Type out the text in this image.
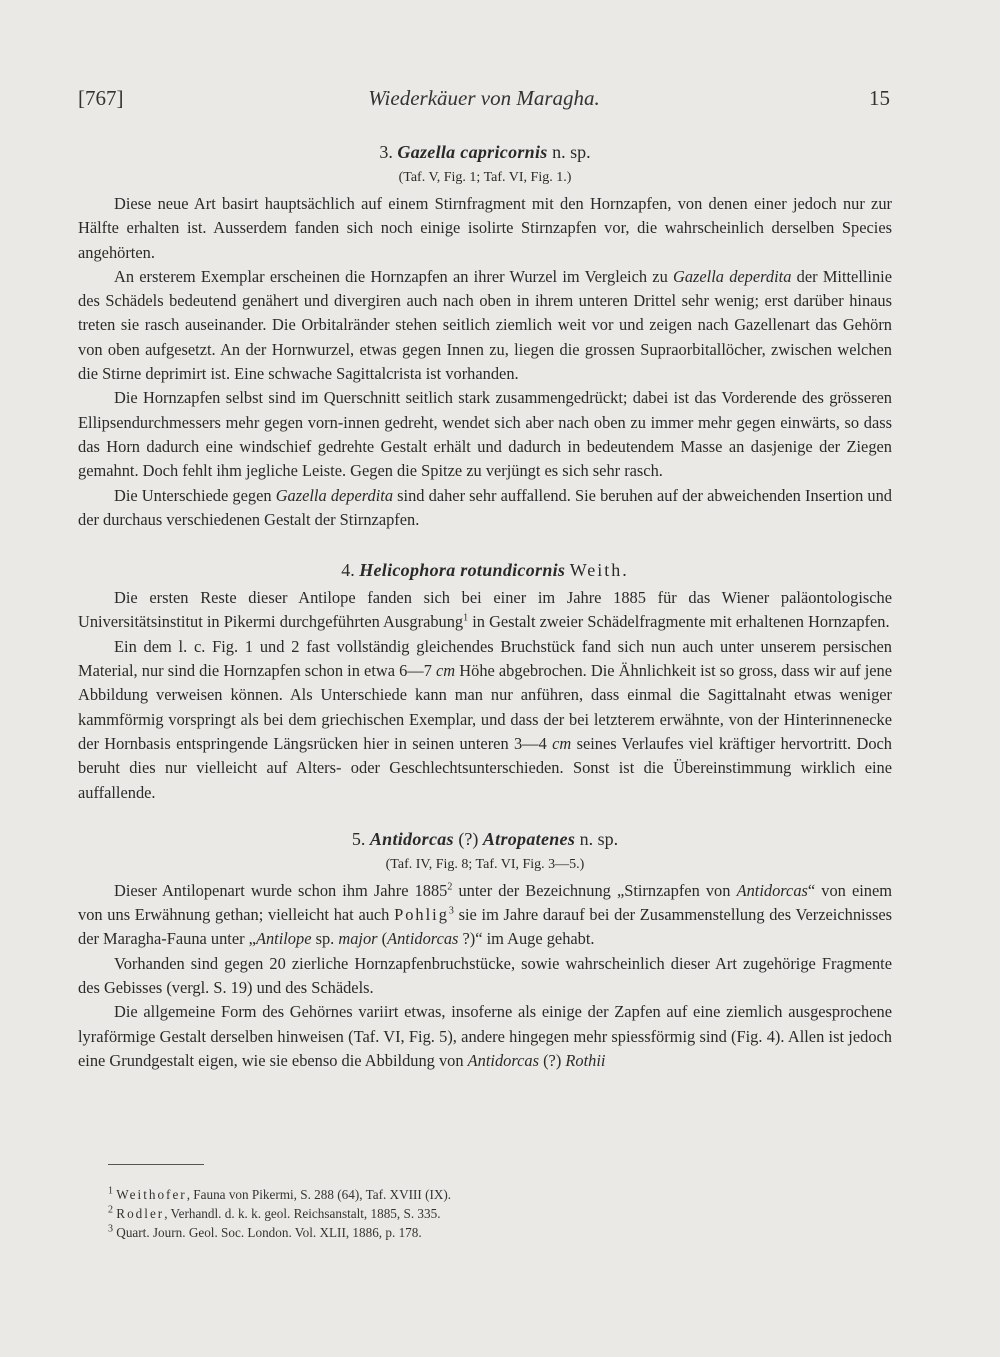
[767]	Wiederkäuer von Maragha.	15
3. Gazella capricornis n. sp.
(Taf. V, Fig. 1; Taf. VI, Fig. 1.)

Diese neue Art basirt hauptsächlich auf einem Stirnfragment mit den Hornzapfen, von denen einer jedoch nur zur Hälfte erhalten ist. Ausserdem fanden sich noch einige isolirte Stirnzapfen vor, die wahrscheinlich derselben Species angehörten.

An ersterem Exemplar erscheinen die Hornzapfen an ihrer Wurzel im Vergleich zu Gazella deperdita der Mittellinie des Schädels bedeutend genähert und divergiren auch nach oben in ihrem unteren Drittel sehr wenig; erst darüber hinaus treten sie rasch auseinander. Die Orbitalränder stehen seitlich ziemlich weit vor und zeigen nach Gazellenart das Gehörn von oben aufgesetzt. An der Hornwurzel, etwas gegen Innen zu, liegen die grossen Supraorbitallöcher, zwischen welchen die Stirne deprimirt ist. Eine schwache Sagittalcrista ist vorhanden.

Die Hornzapfen selbst sind im Querschnitt seitlich stark zusammengedrückt; dabei ist das Vorderende des grösseren Ellipsendurchmessers mehr gegen vorn-innen gedreht, wendet sich aber nach oben zu immer mehr gegen einwärts, so dass das Horn dadurch eine windschief gedrehte Gestalt erhält und dadurch in bedeutendem Masse an dasjenige der Ziegen gemahnt. Doch fehlt ihm jegliche Leiste. Gegen die Spitze zu verjüngt es sich sehr rasch.

Die Unterschiede gegen Gazella deperdita sind daher sehr auffallend. Sie beruhen auf der abweichenden Insertion und der durchaus verschiedenen Gestalt der Stirnzapfen.

4. Helicophora rotundicornis Weith.

Die ersten Reste dieser Antilope fanden sich bei einer im Jahre 1885 für das Wiener paläontologische Universitätsinstitut in Pikermi durchgeführten Ausgrabung$^1$ in Gestalt zweier Schädelfragmente mit erhaltenen Hornzapfen.

Ein dem l. c. Fig. 1 und 2 fast vollständig gleichendes Bruchstück fand sich nun auch unter unserem persischen Material, nur sind die Hornzapfen schon in etwa 6—7 cm Höhe abgebrochen. Die Ähnlichkeit ist so gross, dass wir auf jene Abbildung verweisen können. Als Unterschiede kann man nur anführen, dass einmal die Sagittalnaht etwas weniger kammförmig vorspringt als bei dem griechischen Exemplar, und dass der bei letzterem erwähnte, von der Hinterinnenecke der Hornbasis entspringende Längsrücken hier in seinen unteren 3—4 cm seines Verlaufes viel kräftiger hervortritt. Doch beruht dies nur vielleicht auf Alters- oder Geschlechtsunterschieden. Sonst ist die Übereinstimmung wirklich eine auffallende.

5. Antidorcas (?) Atropatenes n. sp.
(Taf. IV, Fig. 8; Taf. VI, Fig. 3—5.)

Dieser Antilopenart wurde schon ihm Jahre 1885$^2$ unter der Bezeichnung „Stirnzapfen von Antidorcas“ von einem von uns Erwähnung gethan; vielleicht hat auch Pohlig$^3$ sie im Jahre darauf bei der Zusammenstellung des Verzeichnisses der Maragha-Fauna unter „Antilope sp. major (Antidorcas ?)“ im Auge gehabt.

Vorhanden sind gegen 20 zierliche Hornzapfenbruchstücke, sowie wahrscheinlich dieser Art zugehörige Fragmente des Gebisses (vergl. S. 19) und des Schädels.

Die allgemeine Form des Gehörnes variirt etwas, insoferne als einige der Zapfen auf eine ziemlich ausgesprochene lyraförmige Gestalt derselben hinweisen (Taf. VI, Fig. 5), andere hingegen mehr spiessförmig sind (Fig. 4). Allen ist jedoch eine Grundgestalt eigen, wie sie ebenso die Abbildung von Antidorcas (?) Rothii

$^1$ Weithofer, Fauna von Pikermi, S. 288 (64), Taf. XVIII (IX).
$^2$ Rodler, Verhandl. d. k. k. geol. Reichsanstalt, 1885, S. 335.
$^3$ Quart. Journ. Geol. Soc. London. Vol. XLII, 1886, p. 178.
